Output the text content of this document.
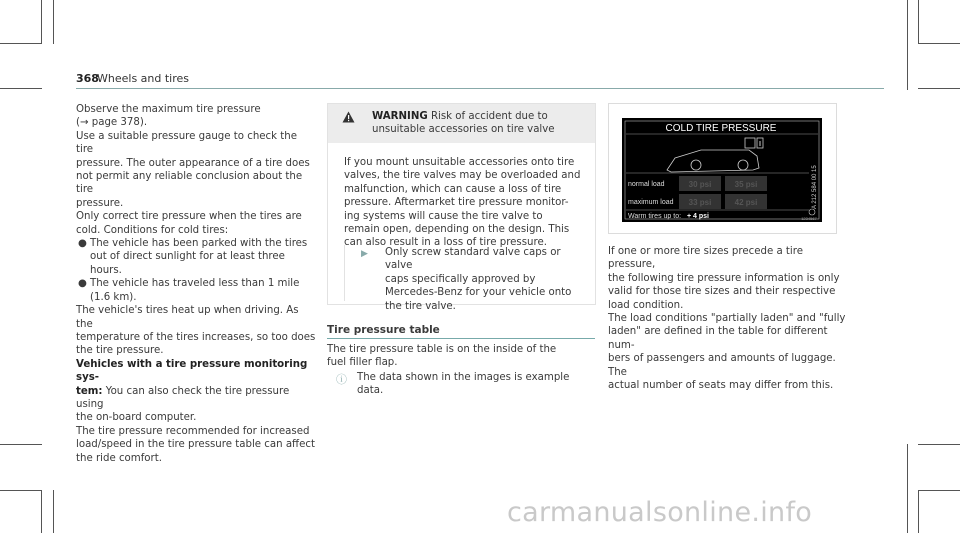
368
Wheels and tires

Observe the maximum tire pressure
(→ page 378).

Use a suitable pressure gauge to check the tire
pressure. The outer appearance of a tire does
not permit any reliable conclusion about the tire
pressure.

Only correct tire pressure when the tires are
cold. Conditions for cold tires:

● The vehicle has been parked with the tires
out of direct sunlight for at least three hours.
● The vehicle has traveled less than 1 mile
(1.6 km).

The vehicle's tires heat up when driving. As the
temperature of the tires increases, so too does
the tire pressure.

Vehicles with a tire pressure monitoring sys-
tem: You can also check the tire pressure using
the on-board computer.

The tire pressure recommended for increased
load/speed in the tire pressure table can affect
the ride comfort.

WARNING Risk of accident due to
unsuitable accessories on tire valve
If you mount unsuitable accessories onto tire
valves, the tire valves may be overloaded and
malfunction, which can cause a loss of tire
pressure. Aftermarket tire pressure monitor-
ing systems will cause the tire valve to
remain open, depending on the design. This
can also result in a loss of tire pressure.
▶ Only screw standard valve caps or valve
caps specifically approved by
Mercedes-Benz for your vehicle onto
the tire valve.
Tire pressure table
The tire pressure table is on the inside of the
fuel filler flap.
ⓘ The data shown in the images is example
data.
COLD TIRE PRESSURE
normal load
maximum load
30 psi	35 psi
33 psi	42 psi
Warm tires up to: + 4 psi
A 212 584 00 15
1234567

If one or more tire sizes precede a tire pressure,
the following tire pressure information is only
valid for those tire sizes and their respective
load condition.

The load conditions "partially laden" and "fully
laden" are defined in the table for different num-
bers of passengers and amounts of luggage. The
actual number of seats may differ from this.

carmanualsonline.info
